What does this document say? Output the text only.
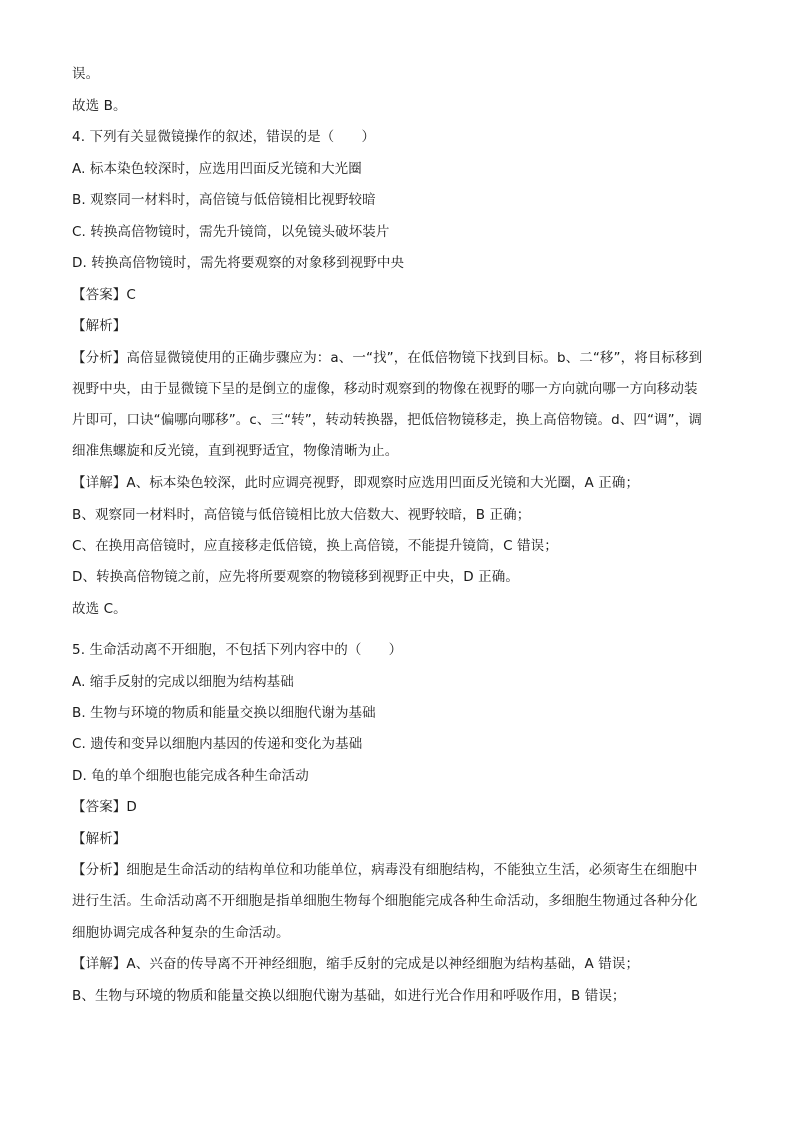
误。
故选 B。
4. 下列有关显微镜操作的叙述，错误的是（　　）
A. 标本染色较深时，应选用凹面反光镜和大光圈
B. 观察同一材料时，高倍镜与低倍镜相比视野较暗
C. 转换高倍物镜时，需先升镜筒，以免镜头破坏装片
D. 转换高倍物镜时，需先将要观察的对象移到视野中央
【答案】C
【解析】
【分析】高倍显微镜使用的正确步骤应为：a、一“找”，在低倍物镜下找到目标。b、二“移”，将目标移到
视野中央，由于显微镜下呈的是倒立的虚像，移动时观察到的物像在视野的哪一方向就向哪一方向移动装
片即可，口诀“偏哪向哪移”。c、三“转”，转动转换器，把低倍物镜移走，换上高倍物镜。d、四“调”，调
细准焦螺旋和反光镜，直到视野适宜，物像清晰为止。
【详解】A、标本染色较深，此时应调亮视野，即观察时应选用凹面反光镜和大光圈，A 正确；
B、观察同一材料时，高倍镜与低倍镜相比放大倍数大、视野较暗，B 正确；
C、在换用高倍镜时，应直接移走低倍镜，换上高倍镜，不能提升镜筒，C 错误；
D、转换高倍物镜之前，应先将所要观察的物镜移到视野正中央，D 正确。
故选 C。
5. 生命活动离不开细胞，不包括下列内容中的（　　）
A. 缩手反射的完成以细胞为结构基础
B. 生物与环境的物质和能量交换以细胞代谢为基础
C. 遗传和变异以细胞内基因的传递和变化为基础
D. 龟的单个细胞也能完成各种生命活动
【答案】D
【解析】
【分析】细胞是生命活动的结构单位和功能单位，病毒没有细胞结构，不能独立生活，必须寄生在细胞中
进行生活。生命活动离不开细胞是指单细胞生物每个细胞能完成各种生命活动，多细胞生物通过各种分化
细胞协调完成各种复杂的生命活动。
【详解】A、兴奋的传导离不开神经细胞，缩手反射的完成是以神经细胞为结构基础，A 错误；
B、生物与环境的物质和能量交换以细胞代谢为基础，如进行光合作用和呼吸作用，B 错误；
